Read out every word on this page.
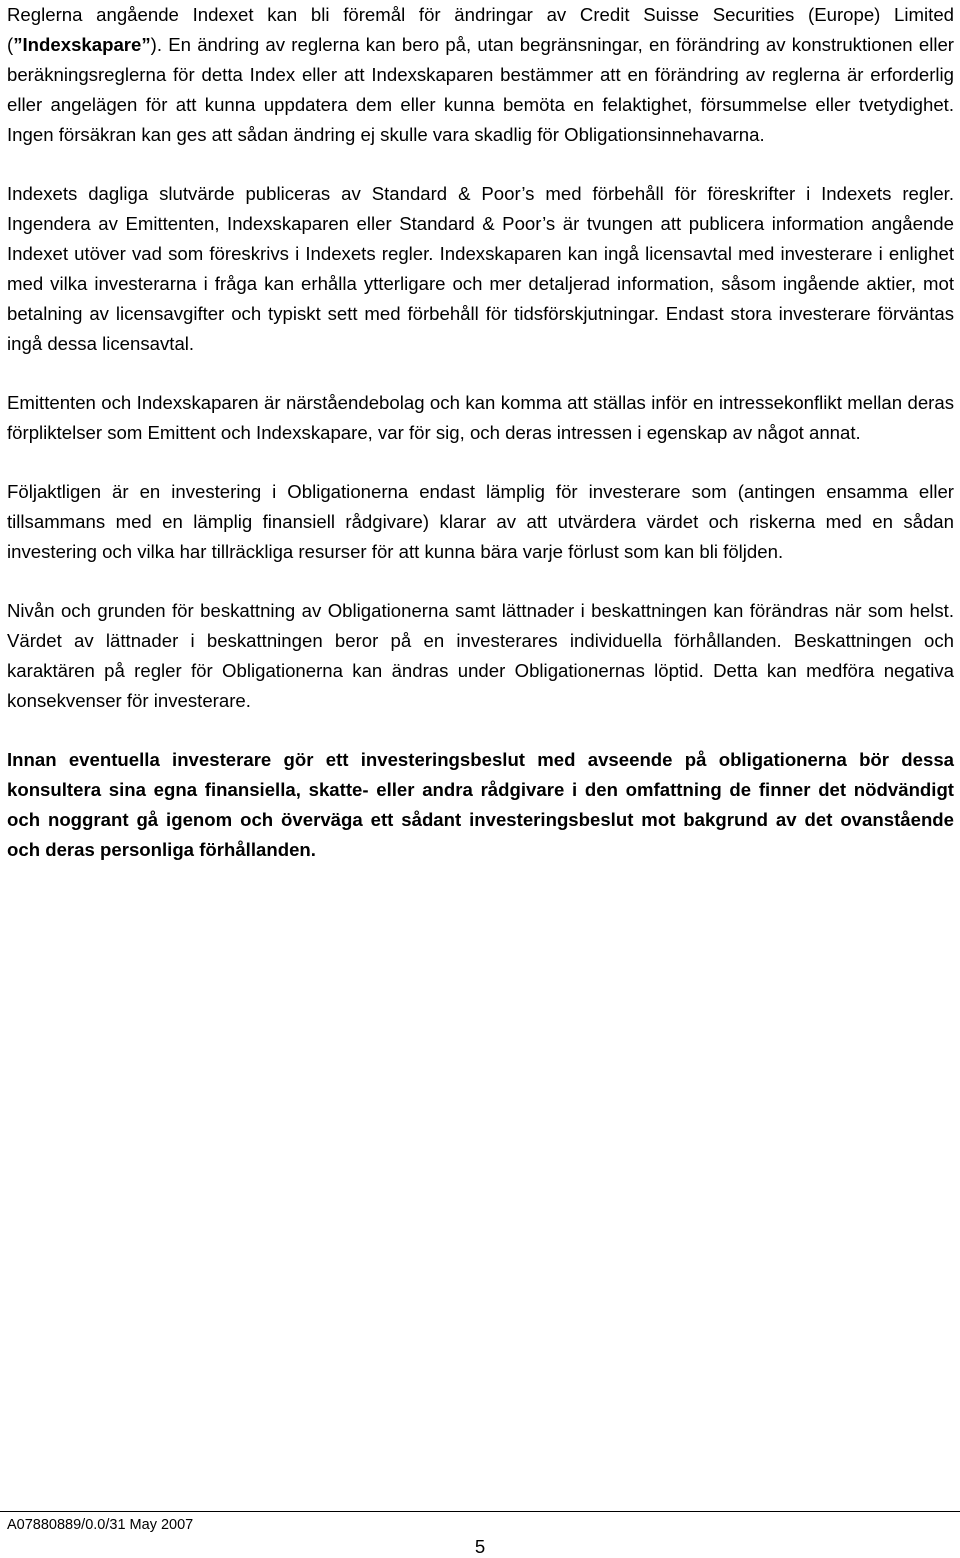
Reglerna angående Indexet kan bli föremål för ändringar av Credit Suisse Securities (Europe) Limited (”Indexskapare”). En ändring av reglerna kan bero på, utan begränsningar, en förändring av konstruktionen eller beräkningsreglerna för detta Index eller att Indexskaparen bestämmer att en förändring av reglerna är erforderlig eller angelägen för att kunna uppdatera dem eller kunna bemöta en felaktighet, försummelse eller tvetydighet. Ingen försäkran kan ges att sådan ändring ej skulle vara skadlig för Obligationsinnehavarna.

Indexets dagliga slutvärde publiceras av Standard & Poor’s med förbehåll för föreskrifter i Indexets regler. Ingendera av Emittenten, Indexskaparen eller Standard & Poor’s är tvungen att publicera information angående Indexet utöver vad som föreskrivs i Indexets regler. Indexskaparen kan ingå licensavtal med investerare i enlighet med vilka investerarna i fråga kan erhålla ytterligare och mer detaljerad information, såsom ingående aktier, mot betalning av licensavgifter och typiskt sett med förbehåll för tidsförskjutningar. Endast stora investerare förväntas ingå dessa licensavtal.

Emittenten och Indexskaparen är närståendebolag och kan komma att ställas inför en intressekonflikt mellan deras förpliktelser som Emittent och Indexskapare, var för sig, och deras intressen i egenskap av något annat.

Följaktligen är en investering i Obligationerna endast lämplig för investerare som (antingen ensamma eller tillsammans med en lämplig finansiell rådgivare) klarar av att utvärdera värdet och riskerna med en sådan investering och vilka har tillräckliga resurser för att kunna bära varje förlust som kan bli följden.

Nivån och grunden för beskattning av Obligationerna samt lättnader i beskattningen kan förändras när som helst. Värdet av lättnader i beskattningen beror på en investerares individuella förhållanden. Beskattningen och karaktären på regler för Obligationerna kan ändras under Obligationernas löptid. Detta kan medföra negativa konsekvenser för investerare.

Innan eventuella investerare gör ett investeringsbeslut med avseende på obligationerna bör dessa konsultera sina egna finansiella, skatte- eller andra rådgivare i den omfattning de finner det nödvändigt och noggrant gå igenom och överväga ett sådant investeringsbeslut mot bakgrund av det ovanstående och deras personliga förhållanden.

A07880889/0.0/31 May 2007
5
